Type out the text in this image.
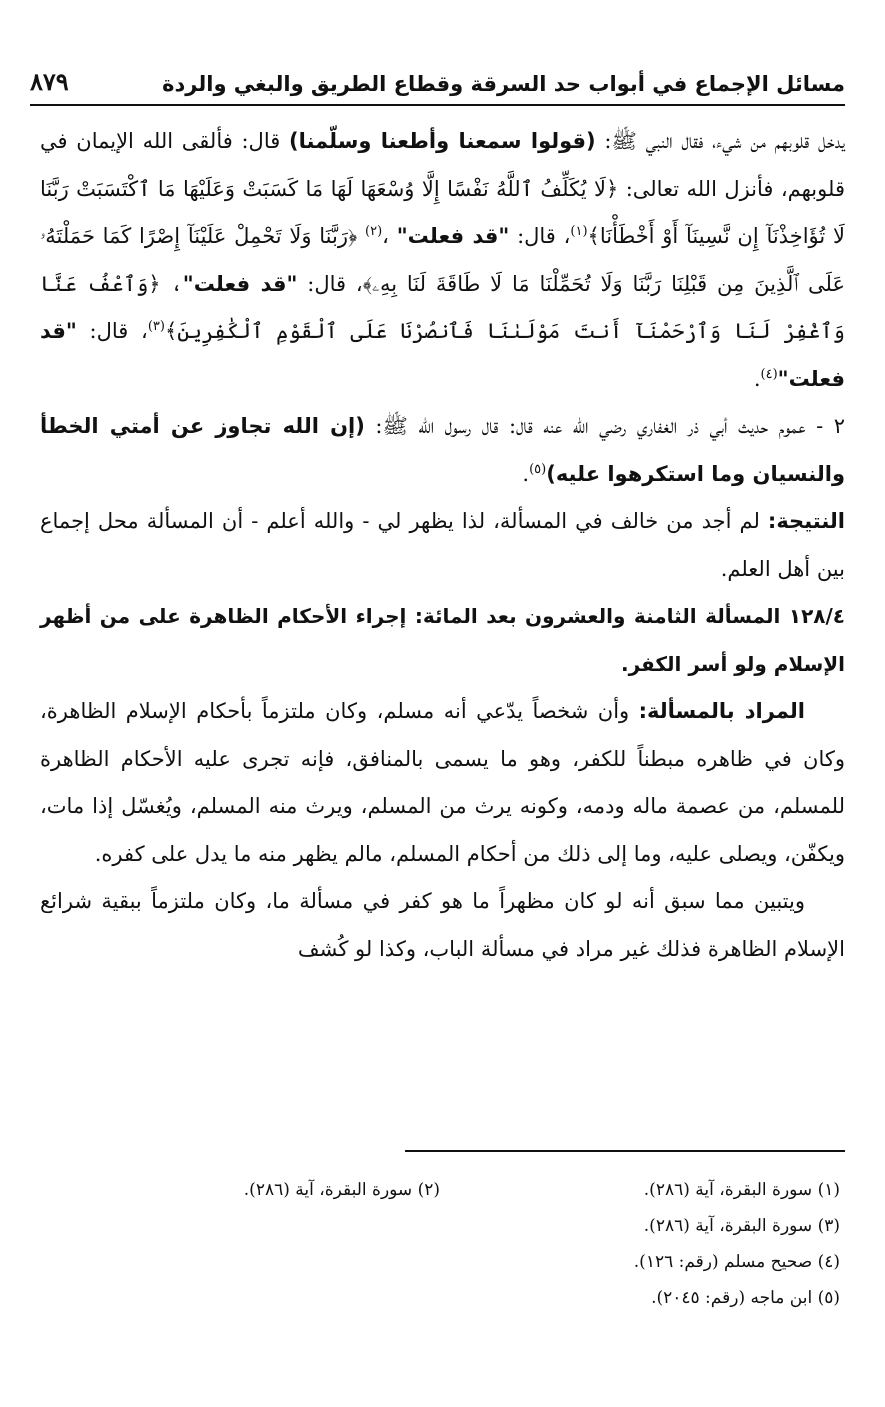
مسائل الإجماع في أبواب حد السرقة وقطاع الطريق والبغي والردة
٨٧٩

يدخل قلوبهم من شيء، فقال النبي ﷺ: (قولوا سمعنا وأطعنا وسلّمنا) قال: فألقى الله الإيمان في قلوبهم، فأنزل الله تعالى: ﴿لَا يُكَلِّفُ ٱللَّهُ نَفْسًا إِلَّا وُسْعَهَا لَهَا مَا كَسَبَتْ وَعَلَيْهَا مَا ٱكْتَسَبَتْ رَبَّنَا لَا تُؤَاخِذْنَآ إِن نَّسِينَآ أَوْ أَخْطَأْنَا﴾$^{(١)}$، قال: "قد فعلت" ،$^{(٢)}$ ﴿رَبَّنَا وَلَا تَحْمِلْ عَلَيْنَآ إِصْرًا كَمَا حَمَلْتَهُۥ عَلَى ٱلَّذِينَ مِن قَبْلِنَا رَبَّنَا وَلَا تُحَمِّلْنَا مَا لَا طَاقَةَ لَنَا بِهِۦ﴾، قال: "قد فعلت"، ﴿وَٱعْفُ عَنَّا وَٱغْفِرْ لَنَا وَٱرْحَمْنَآ أَنتَ مَوْلَىٰنَا فَٱنصُرْنَا عَلَى ٱلْقَوْمِ ٱلْكَٰفِرِينَ﴾$^{(٣)}$، قال: "قد فعلت"$^{(٤)}$.

٢ - عموم حديث أبي ذر الغفاري رضي الله عنه قال: قال رسول الله ﷺ: (إن الله تجاوز عن أمتي الخطأ والنسيان وما استكرهوا عليه)$^{(٥)}$.

النتيجة: لم أجد من خالف في المسألة، لذا يظهر لي - والله أعلم - أن المسألة محل إجماع بين أهل العلم.

١٢٨/٤ المسألة الثامنة والعشرون بعد المائة: إجراء الأحكام الظاهرة على من أظهر الإسلام ولو أسر الكفر.

المراد بالمسألة: وأن شخصاً يدّعي أنه مسلم، وكان ملتزماً بأحكام الإسلام الظاهرة، وكان في ظاهره مبطناً للكفر، وهو ما يسمى بالمنافق، فإنه تجرى عليه الأحكام الظاهرة للمسلم، من عصمة ماله ودمه، وكونه يرث من المسلم، ويرث منه المسلم، ويُغسّل إذا مات، ويكفّن، ويصلى عليه، وما إلى ذلك من أحكام المسلم، مالم يظهر منه ما يدل على كفره.

ويتبين مما سبق أنه لو كان مظهراً ما هو كفر في مسألة ما، وكان ملتزماً ببقية شرائع الإسلام الظاهرة فذلك غير مراد في مسألة الباب، وكذا لو كُشف

(١) سورة البقرة، آية (٢٨٦).
(٢) سورة البقرة، آية (٢٨٦).
(٣) سورة البقرة، آية (٢٨٦).
(٤) صحيح مسلم (رقم: ١٢٦).
(٥) ابن ماجه (رقم: ٢٠٤٥).
